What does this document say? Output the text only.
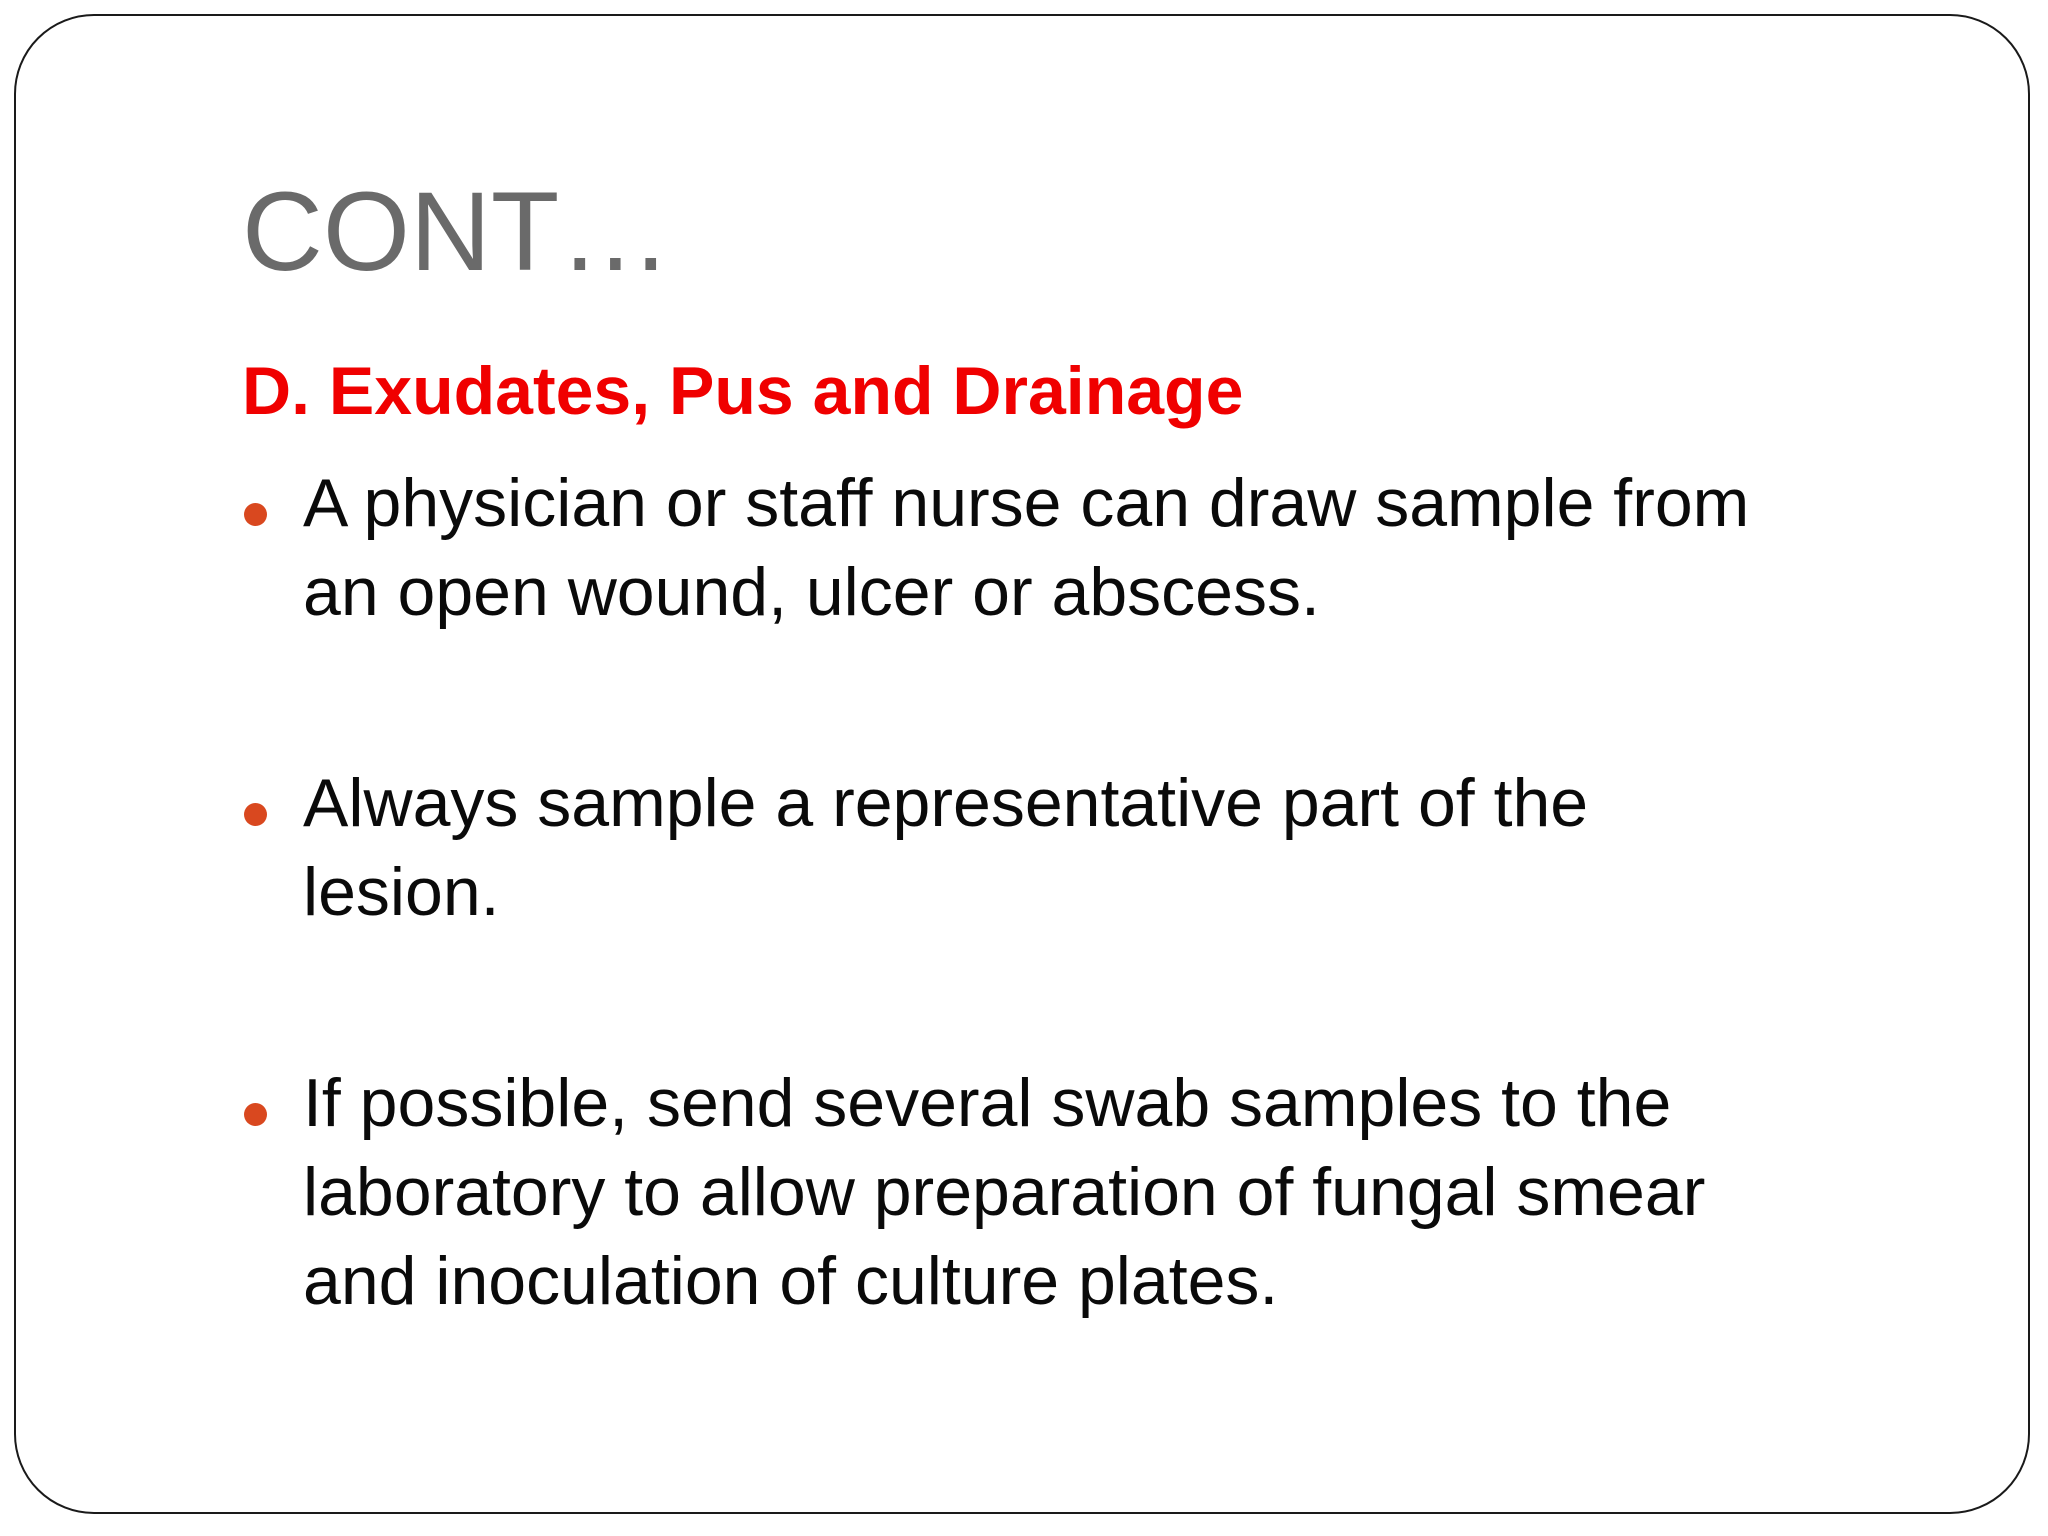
CONT…
D. Exudates, Pus and Drainage
A physician or staff nurse can draw sample from
an open wound, ulcer or abscess.
Always sample a representative part of the
lesion.
If possible, send several swab samples to the
laboratory to allow preparation of fungal smear
and inoculation of culture plates.
